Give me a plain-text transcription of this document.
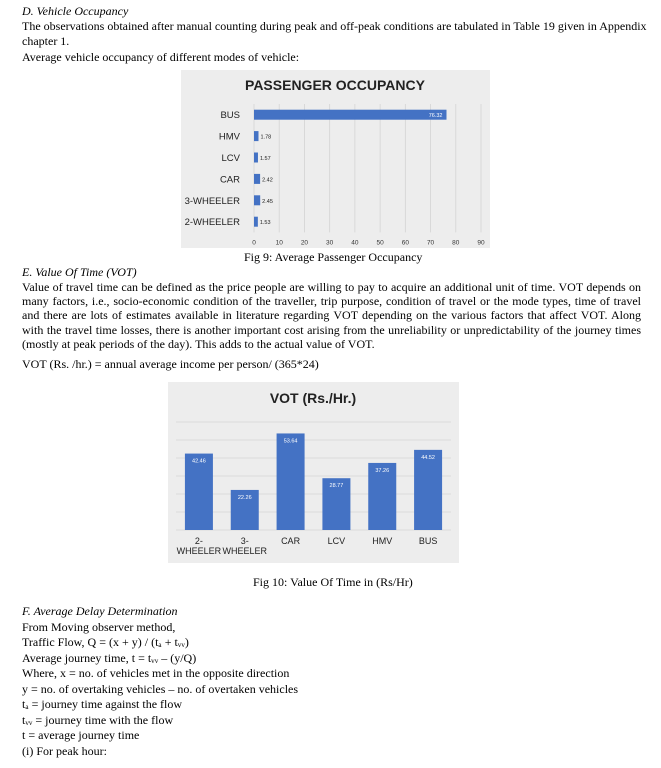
D. Vehicle Occupancy
The observations obtained after manual counting during peak and off-peak conditions are tabulated in Table 19 given in Appendix
chapter 1.
Average vehicle occupancy of different modes of vehicle:
PASSENGER OCCUPANCY
0	10	20	30	40	50	60	70	80	90
BUS	76.32
HMV	1.78
LCV	1.57
CAR	2.42
3-WHEELER	2.45
2-WHEELER	1.53
Fig 9: Average Passenger Occupancy
E. Value Of Time (VOT)
Value of travel time can be defined as the price people are willing to pay to acquire an additional unit of time. VOT depends on many factors, i.e., socio-economic condition of the traveller, trip purpose, condition of travel or the mode types, time of travel and there are lots of estimates available in literature regarding VOT depending on the various factors that affect VOT. Along with the travel time losses, there is another important cost arising from the unreliability or unpredictability of the journey times (mostly at peak periods of the day). This adds to the actual value of VOT.
VOT (Rs. /hr.) = annual average income per person/ (365*24)
VOT (Rs./Hr.)
42.46
2-
WHEELER
22.26
3-
WHEELER
53.64
CAR
28.77
LCV
37.26
HMV
44.52
BUS
Fig 10: Value Of Time in (Rs/Hr)
F. Average Delay Determination
From Moving observer method,
Traffic Flow, Q = (x + y) / (tₐ + tᵥᵥ)
Average journey time, t = tᵥᵥ – (y/Q)
Where, x = no. of vehicles met in the opposite direction
y = no. of overtaking vehicles – no. of overtaken vehicles
tₐ = journey time against the flow
tᵥᵥ = journey time with the flow
t = average journey time
(i) For peak hour:
